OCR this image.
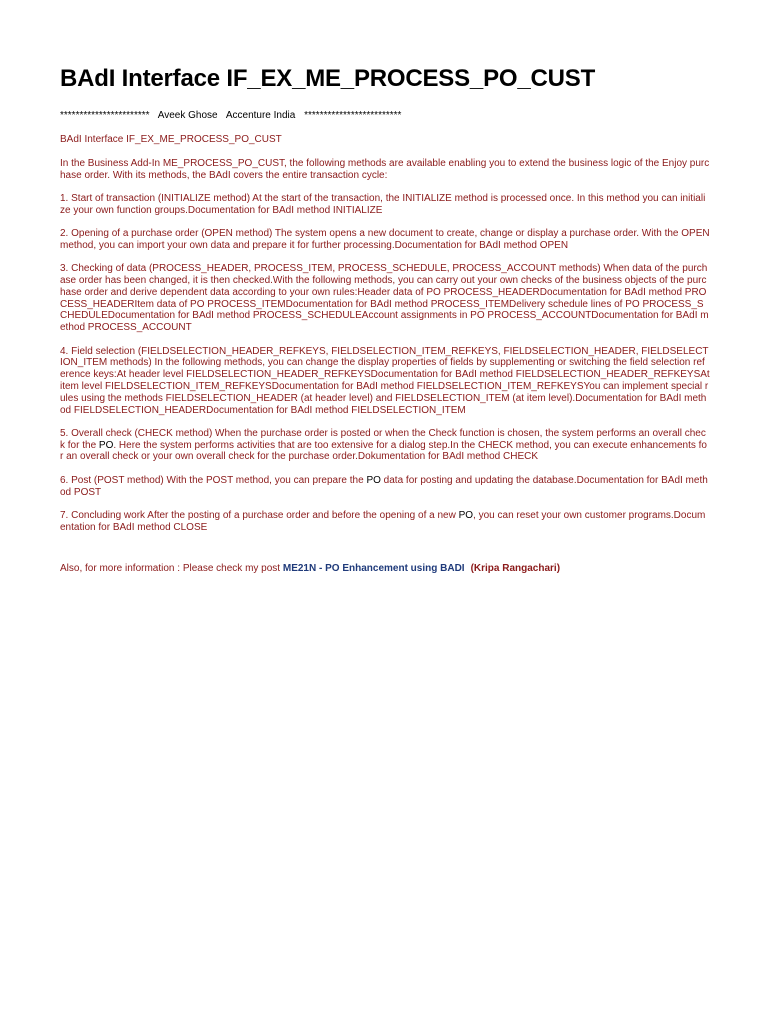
BAdI Interface IF_EX_ME_PROCESS_PO_CUST
*********************** Aveek Ghose Accenture India *************************
BAdI Interface IF_EX_ME_PROCESS_PO_CUST

In the Business Add-In ME_PROCESS_PO_CUST, the following methods are available enabling you to extend the business logic of the Enjoy purchase order. With its methods, the BAdI covers the entire transaction cycle:

1. Start of transaction (INITIALIZE method) At the start of the transaction, the INITIALIZE method is processed once. In this method you can initialize your own function groups.Documentation for BAdI method INITIALIZE

2. Opening of a purchase order (OPEN method) The system opens a new document to create, change or display a purchase order. With the OPEN method, you can import your own data and prepare it for further processing.Documentation for BAdI method OPEN

3. Checking of data (PROCESS_HEADER, PROCESS_ITEM, PROCESS_SCHEDULE, PROCESS_ACCOUNT methods) When data of the purchase order has been changed, it is then checked.With the following methods, you can carry out your own checks of the business objects of the purchase order and derive dependent data according to your own rules:Header data of PO PROCESS_HEADERDocumentation for BAdI method PROCESS_HEADERItem data of PO PROCESS_ITEMDocumentation for BAdI method PROCESS_ITEMDelivery schedule lines of PO PROCESS_SCHEDULEDocumentation for BAdI method PROCESS_SCHEDULEAccount assignments in PO PROCESS_ACCOUNTDocumentation for BAdI method PROCESS_ACCOUNT

4. Field selection (FIELDSELECTION_HEADER_REFKEYS, FIELDSELECTION_ITEM_REFKEYS, FIELDSELECTION_HEADER, FIELDSELECTION_ITEM methods) In the following methods, you can change the display properties of fields by supplementing or switching the field selection reference keys:At header level FIELDSELECTION_HEADER_REFKEYSDocumentation for BAdI method FIELDSELECTION_HEADER_REFKEYSAt item level FIELDSELECTION_ITEM_REFKEYSDocumentation for BAdI method FIELDSELECTION_ITEM_REFKEYSYou can implement special rules using the methods FIELDSELECTION_HEADER (at header level) and FIELDSELECTION_ITEM (at item level).Documentation for BAdI method FIELDSELECTION_HEADERDocumentation for BAdI method FIELDSELECTION_ITEM

5. Overall check (CHECK method) When the purchase order is posted or when the Check function is chosen, the system performs an overall check for the PO. Here the system performs activities that are too extensive for a dialog step.In the CHECK method, you can execute enhancements for an overall check or your own overall check for the purchase order.Dokumentation for BAdI method CHECK

6. Post (POST method) With the POST method, you can prepare the PO data for posting and updating the database.Documentation for BAdI method POST

7. Concluding work After the posting of a purchase order and before the opening of a new PO, you can reset your own customer programs.Documentation for BAdI method CLOSE

Also, for more information : Please check my post ME21N - PO Enhancement using BADI (Kripa Rangachari)
